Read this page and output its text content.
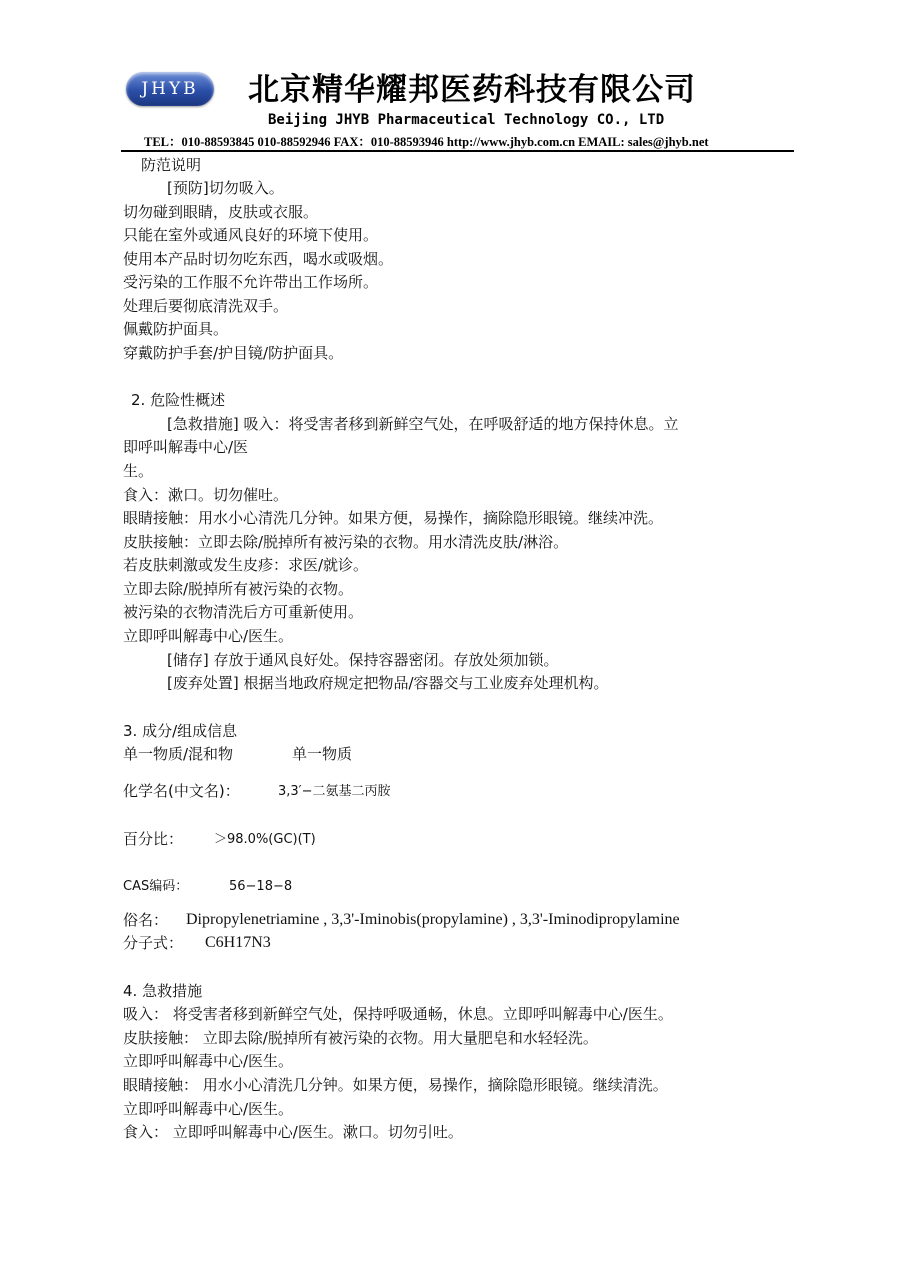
JHYB	北京精华耀邦医药科技有限公司
Beijing JHYB Pharmaceutical Technology CO., LTD
TEL：010-88593845 010-88592946 FAX：010-88593946 http://www.jhyb.com.cn EMAIL: sales@jhyb.net
防范说明
[预防]切勿吸入。
切勿碰到眼睛，皮肤或衣服。
只能在室外或通风良好的环境下使用。
使用本产品时切勿吃东西，喝水或吸烟。
受污染的工作服不允许带出工作场所。
处理后要彻底清洗双手。
佩戴防护面具。
穿戴防护手套/护目镜/防护面具。
2. 危险性概述
[急救措施] 吸入：将受害者移到新鲜空气处，在呼吸舒适的地方保持休息。立
即呼叫解毒中心/医
生。
食入：漱口。切勿催吐。
眼睛接触：用水小心清洗几分钟。如果方便，易操作，摘除隐形眼镜。继续冲洗。
皮肤接触：立即去除/脱掉所有被污染的衣物。用水清洗皮肤/淋浴。
若皮肤刺激或发生皮疹：求医/就诊。
立即去除/脱掉所有被污染的衣物。
被污染的衣物清洗后方可重新使用。
立即呼叫解毒中心/医生。
[储存] 存放于通风良好处。保持容器密闭。存放处须加锁。
[废弃处置] 根据当地政府规定把物品/容器交与工业废弃处理机构。
3. 成分/组成信息
单一物质/混和物	单一物质
化学名(中文名)：	3,3′−二氨基二丙胺
百分比： ＞98.0%(GC)(T)
CAS编码：	56−18−8
俗名： Dipropylenetriamine , 3,3'-Iminobis(propylamine) , 3,3'-Iminodipropylamine
分子式： C6H17N3
4. 急救措施
吸入： 将受害者移到新鲜空气处，保持呼吸通畅，休息。立即呼叫解毒中心/医生。
皮肤接触： 立即去除/脱掉所有被污染的衣物。用大量肥皂和水轻轻洗。
立即呼叫解毒中心/医生。
眼睛接触： 用水小心清洗几分钟。如果方便，易操作，摘除隐形眼镜。继续清洗。
立即呼叫解毒中心/医生。
食入： 立即呼叫解毒中心/医生。漱口。切勿引吐。
